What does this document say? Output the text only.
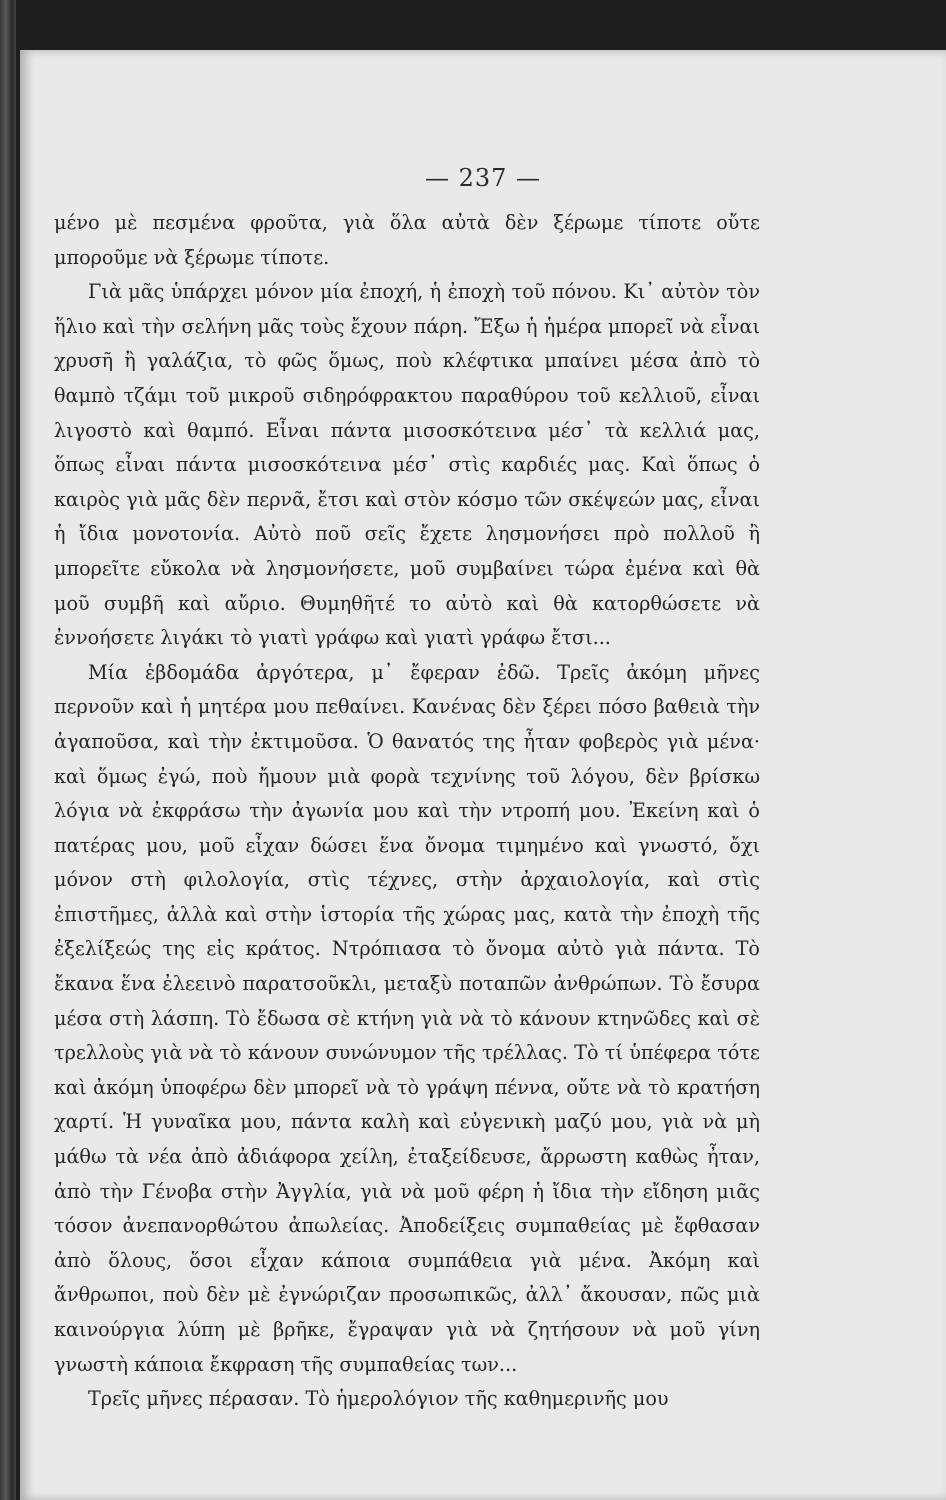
— 237 —

μένο μὲ πεσμένα φροῦτα, γιὰ ὅλα αὐτὰ δὲν ξέρωμε τίποτε οὔτε μποροῦμε νὰ ξέρωμε τίποτε.

Γιὰ μᾶς ὑπάρχει μόνον μία ἐποχή, ἡ ἐποχὴ τοῦ πόνου. Κι᾿ αὐτὸν τὸν ἥλιο καὶ τὴν σελήνη μᾶς τοὺς ἔχουν πάρη. Ἔξω ἡ ἡμέρα μπορεῖ νὰ εἶναι χρυσῆ ἢ γαλάζια, τὸ φῶς ὅμως, ποὺ κλέφτικα μπαίνει μέσα ἀπὸ τὸ θαμπὸ τζάμι τοῦ μικροῦ σιδηρόφρακτου παραθύρου τοῦ κελλιοῦ, εἶναι λιγοστὸ καὶ θαμπό. Εἶναι πάντα μισοσκότεινα μέσ᾿ τὰ κελλιά μας, ὅπως εἶναι πάντα μισοσκότεινα μέσ᾿ στὶς καρδιές μας. Καὶ ὅπως ὁ καιρὸς γιὰ μᾶς δὲν περνᾶ, ἔτσι καὶ στὸν κόσμο τῶν σκέψεών μας, εἶναι ἡ ἴδια μονοτονία. Αὐτὸ ποῦ σεῖς ἔχετε λησμονήσει πρὸ πολλοῦ ἢ μπορεῖτε εὔκολα νὰ λησμονήσετε, μοῦ συμβαίνει τώρα ἐμένα καὶ θὰ μοῦ συμβῆ καὶ αὔριο. Θυμηθῆτέ το αὐτὸ καὶ θὰ κατορθώσετε νὰ ἐννοήσετε λιγάκι τὸ γιατὶ γράφω καὶ γιατὶ γράφω ἔτσι...

Μία ἑβδομάδα ἀργότερα, μ᾿ ἔφεραν ἐδῶ. Τρεῖς ἀκόμη μῆνες περνοῦν καὶ ἡ μητέρα μου πεθαίνει. Κανένας δὲν ξέρει πόσο βαθειὰ τὴν ἀγαποῦσα, καὶ τὴν ἐκτιμοῦσα. Ὁ θανατός της ἦταν φοβερὸς γιὰ μένα· καὶ ὅμως ἐγώ, ποὺ ἤμουν μιὰ φορὰ τεχνίνης τοῦ λόγου, δὲν βρίσκω λόγια νὰ ἐκφράσω τὴν ἀγωνία μου καὶ τὴν ντροπή μου. Ἐκείνη καὶ ὁ πατέρας μου, μοῦ εἶχαν δώσει ἕνα ὄνομα τιμημένο καὶ γνωστό, ὄχι μόνον στὴ φιλολογία, στὶς τέχνες, στὴν ἀρχαιολογία, καὶ στὶς ἐπιστῆμες, ἀλλὰ καὶ στὴν ἱστορία τῆς χώρας μας, κατὰ τὴν ἐποχὴ τῆς ἐξελίξεώς της εἰς κράτος. Ντρόπιασα τὸ ὄνομα αὐτὸ γιὰ πάντα. Τὸ ἔκανα ἕνα ἐλεεινὸ παρατσοῦκλι, μεταξὺ ποταπῶν ἀνθρώπων. Τὸ ἔσυρα μέσα στὴ λάσπη. Τὸ ἔδωσα σὲ κτήνη γιὰ νὰ τὸ κάνουν κτηνῶδες καὶ σὲ τρελλοὺς γιὰ νὰ τὸ κάνουν συνώνυμον τῆς τρέλλας. Τὸ τί ὑπέφερα τότε καὶ ἀκόμη ὑποφέρω δὲν μπορεῖ νὰ τὸ γράψη πέννα, οὔτε νὰ τὸ κρατήση χαρτί. Ἡ γυναῖκα μου, πάντα καλὴ καὶ εὐγενικὴ μαζύ μου, γιὰ νὰ μὴ μάθω τὰ νέα ἀπὸ ἀδιάφορα χείλη, ἐταξείδευσε, ἄρρωστη καθὼς ἦταν, ἀπὸ τὴν Γένοβα στὴν Ἀγγλία, γιὰ νὰ μοῦ φέρη ἡ ἴδια τὴν εἴδηση μιᾶς τόσον ἀνεπανορθώτου ἀπωλείας. Ἀποδείξεις συμπαθείας μὲ ἔφθασαν ἀπὸ ὅλους, ὅσοι εἶχαν κάποια συμπάθεια γιὰ μένα. Ἀκόμη καὶ ἄνθρωποι, ποὺ δὲν μὲ ἐγνώριζαν προσωπικῶς, ἀλλ᾿ ἄκουσαν, πῶς μιὰ καινούργια λύπη μὲ βρῆκε, ἔγραψαν γιὰ νὰ ζητήσουν νὰ μοῦ γίνη γνωστὴ κάποια ἔκφραση τῆς συμπαθείας των...

Τρεῖς μῆνες πέρασαν. Τὸ ἡμερολόγιον τῆς καθημερινῆς μου
